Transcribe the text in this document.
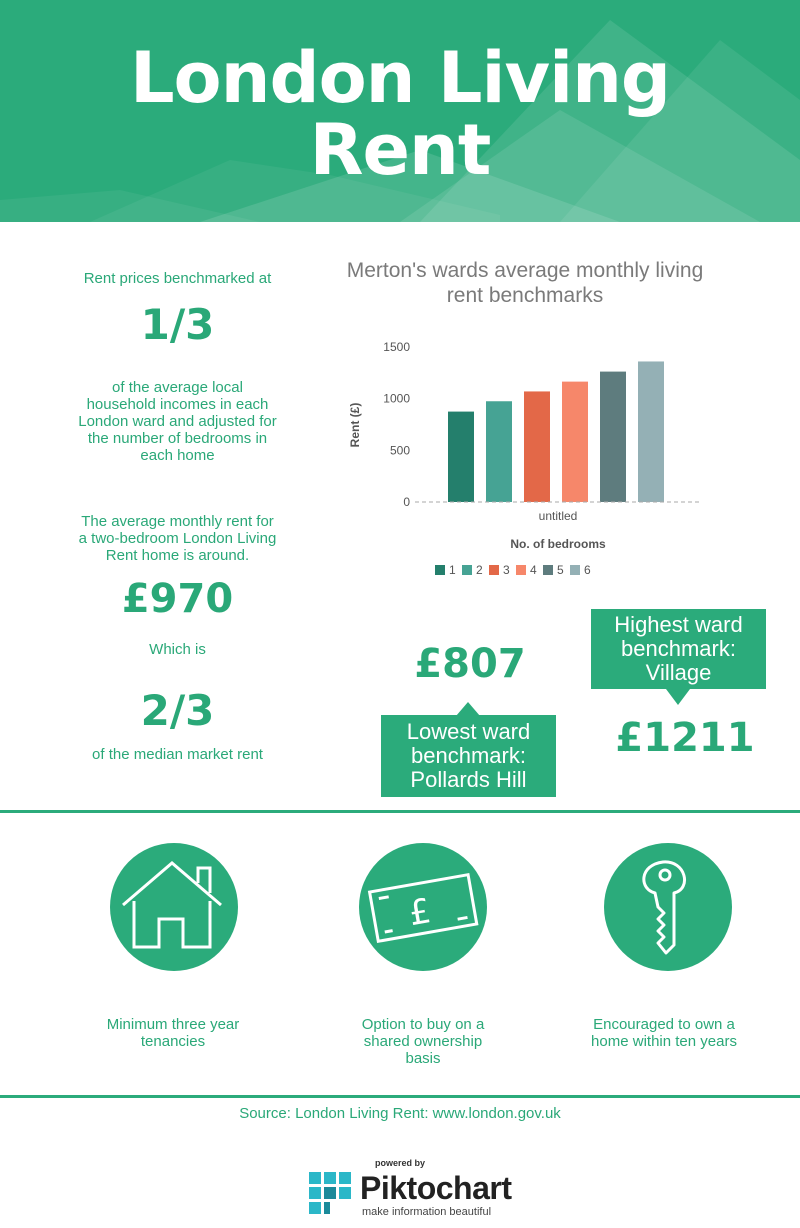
London Living
Rent
Rent prices benchmarked at
1/3
of the average local
household incomes in each
London ward and adjusted for
the number of bedrooms in
each home
The average monthly rent for
a two-bedroom London Living
Rent home is around.
£970
Which is
2/3
of the median market rent
Merton's wards average monthly living rent benchmarks
0
500
1000
1500
untitled
No. of bedrooms
Rent (£)
1 2 3 4 5 6
£807
Lowest ward
benchmark:
Pollards Hill
Highest ward
benchmark:
Village
£1211
£
Minimum three year
tenancies
Option to buy on a
shared ownership
basis
Encouraged to own a
home within ten years
Source: London Living Rent: www.london.gov.uk
powered by
Piktochart
make information beautiful
